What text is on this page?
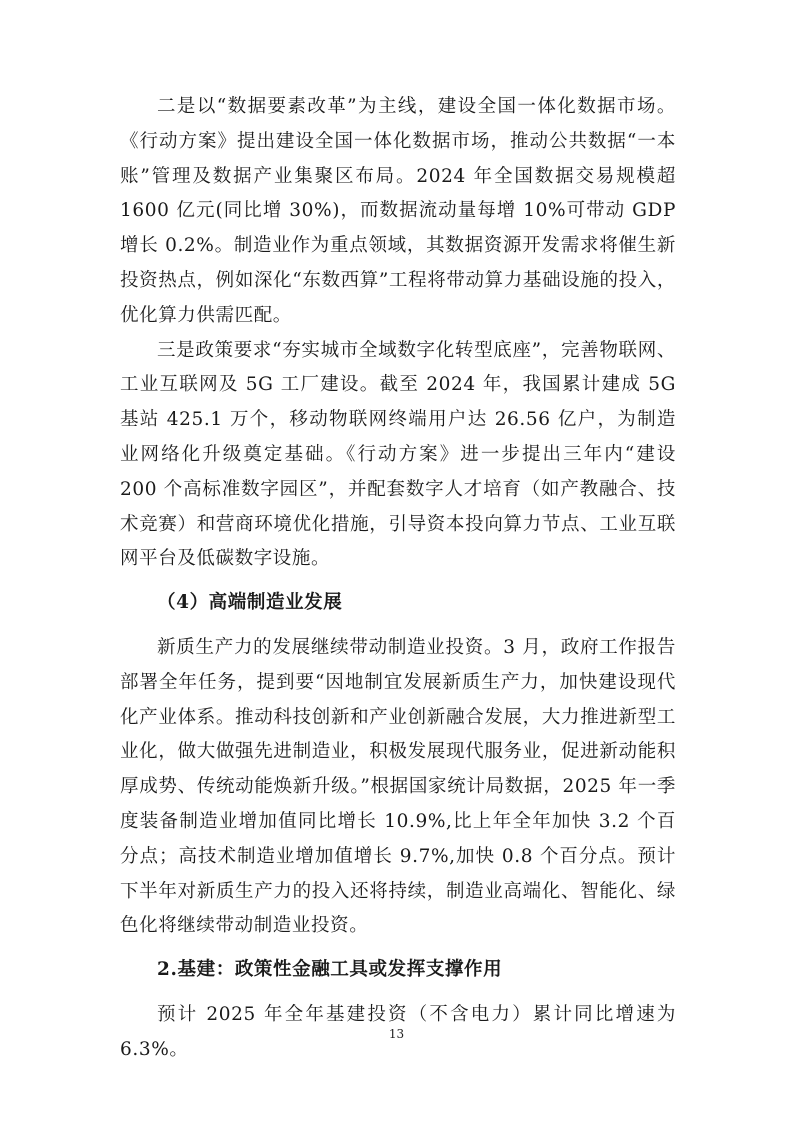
二是以“数据要素改革”为主线，建设全国一体化数据市场。《行动方案》提出建设全国一体化数据市场，推动公共数据“一本账”管理及数据产业集聚区布局。2024 年全国数据交易规模超 1600 亿元(同比增 30%)，而数据流动量每增 10%可带动 GDP 增长 0.2%。制造业作为重点领域，其数据资源开发需求将催生新投资热点，例如深化“东数西算”工程将带动算力基础设施的投入，优化算力供需匹配。

三是政策要求“夯实城市全域数字化转型底座”，完善物联网、工业互联网及 5G 工厂建设。截至 2024 年，我国累计建成 5G 基站 425.1 万个，移动物联网终端用户达 26.56 亿户，为制造业网络化升级奠定基础。《行动方案》进一步提出三年内“建设 200 个高标准数字园区”，并配套数字人才培育（如产教融合、技术竞赛）和营商环境优化措施，引导资本投向算力节点、工业互联网平台及低碳数字设施。

（4）高端制造业发展

新质生产力的发展继续带动制造业投资。3 月，政府工作报告部署全年任务，提到要“因地制宜发展新质生产力，加快建设现代化产业体系。推动科技创新和产业创新融合发展，大力推进新型工业化，做大做强先进制造业，积极发展现代服务业，促进新动能积厚成势、传统动能焕新升级。”根据国家统计局数据，2025 年一季度装备制造业增加值同比增长 10.9%,比上年全年加快 3.2 个百分点；高技术制造业增加值增长 9.7%,加快 0.8 个百分点。预计下半年对新质生产力的投入还将持续，制造业高端化、智能化、绿色化将继续带动制造业投资。

2.基建：政策性金融工具或发挥支撑作用

预计 2025 年全年基建投资（不含电力）累计同比增速为 6.3%。

13
